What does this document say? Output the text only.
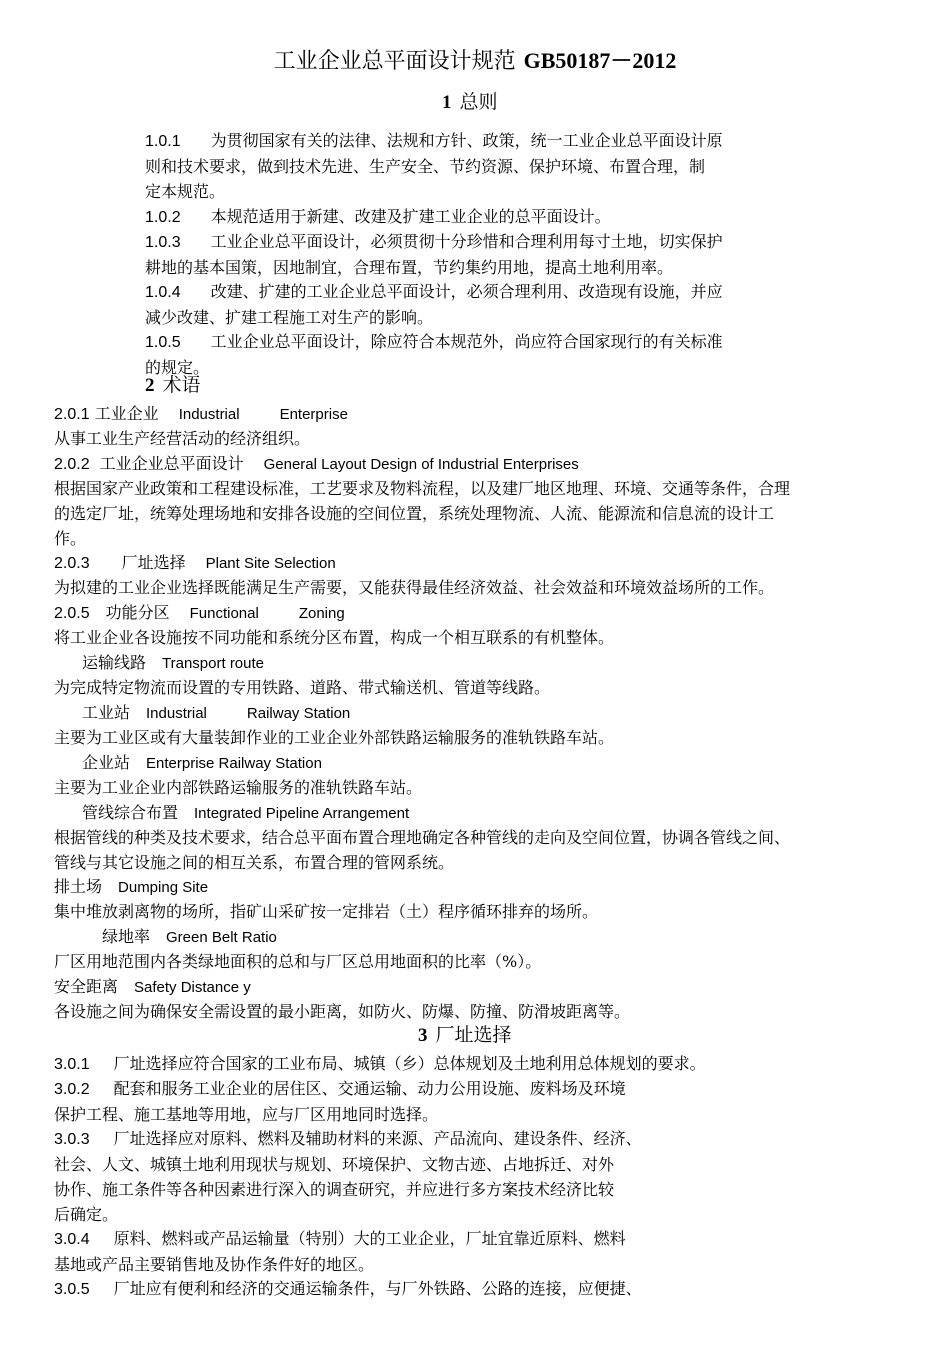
工业企业总平面设计规范 GB50187－2012
1 总则
1.0.1 为贯彻国家有关的法律、法规和方针、政策，统一工业企业总平面设计原
则和技术要求，做到技术先进、生产安全、节约资源、保护环境、布置合理，制
定本规范。
1.0.2 本规范适用于新建、改建及扩建工业企业的总平面设计。
1.0.3 工业企业总平面设计，必须贯彻十分珍惜和合理利用每寸土地，切实保护
耕地的基本国策，因地制宜，合理布置，节约集约用地，提高土地利用率。
1.0.4 改建、扩建的工业企业总平面设计，必须合理利用、改造现有设施，并应
减少改建、扩建工程施工对生产的影响。
1.0.5 工业企业总平面设计，除应符合本规范外，尚应符合国家现行的有关标准
的规定。
2 术语
2.0.1 工业企业 Industrial	Enterprise
从事工业生产经营活动的经济组织。
2.0.2 工业企业总平面设计 General Layout Design of Industrial Enterprises
根据国家产业政策和工程建设标准，工艺要求及物料流程，以及建厂地区地理、环境、交通等条件，合理
的选定厂址，统筹处理场地和安排各设施的空间位置，系统处理物流、人流、能源流和信息流的设计工
作。
2.0.3 厂址选择 Plant Site Selection
为拟建的工业企业选择既能满足生产需要，又能获得最佳经济效益、社会效益和环境效益场所的工作。
2.0.5 功能分区 Functional	Zoning
将工业企业各设施按不同功能和系统分区布置，构成一个相互联系的有机整体。
运输线路 Transport route
为完成特定物流而设置的专用铁路、道路、带式输送机、管道等线路。
工业站 Industrial	Railway Station
主要为工业区或有大量装卸作业的工业企业外部铁路运输服务的准轨铁路车站。
企业站 Enterprise Railway Station
主要为工业企业内部铁路运输服务的准轨铁路车站。
管线综合布置 Integrated Pipeline Arrangement
根据管线的种类及技术要求，结合总平面布置合理地确定各种管线的走向及空间位置，协调各管线之间、
管线与其它设施之间的相互关系，布置合理的管网系统。
排土场 Dumping Site
集中堆放剥离物的场所，指矿山采矿按一定排岩（土）程序循环排弃的场所。
绿地率 Green Belt Ratio
厂区用地范围内各类绿地面积的总和与厂区总用地面积的比率（%）。
安全距离 Safety Distance y
各设施之间为确保安全需设置的最小距离，如防火、防爆、防撞、防滑坡距离等。
3 厂址选择
3.0.1 厂址选择应符合国家的工业布局、城镇（乡）总体规划及土地利用总体规划的要求。
3.0.2 配套和服务工业企业的居住区、交通运输、动力公用设施、废料场及环境
保护工程、施工基地等用地，应与厂区用地同时选择。
3.0.3 厂址选择应对原料、燃料及辅助材料的来源、产品流向、建设条件、经济、
社会、人文、城镇土地利用现状与规划、环境保护、文物古迹、占地拆迁、对外
协作、施工条件等各种因素进行深入的调查研究，并应进行多方案技术经济比较
后确定。
3.0.4 原料、燃料或产品运输量（特别）大的工业企业，厂址宜靠近原料、燃料
基地或产品主要销售地及协作条件好的地区。
3.0.5 厂址应有便利和经济的交通运输条件，与厂外铁路、公路的连接，应便捷、
